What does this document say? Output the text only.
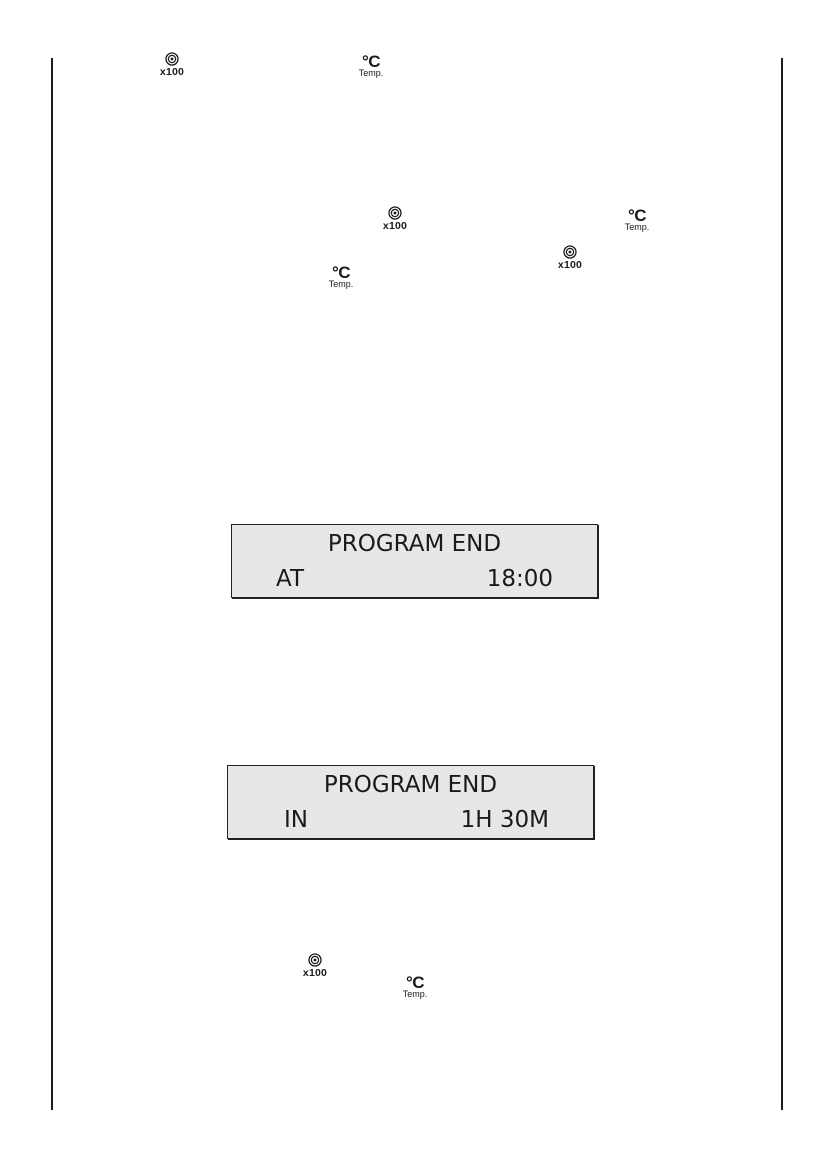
x100
°C
Temp.
x100
°C
Temp.
x100
°C
Temp.
PROGRAM END
AT	18:00
PROGRAM END
IN	1H 30M
x100	°C
Temp.
